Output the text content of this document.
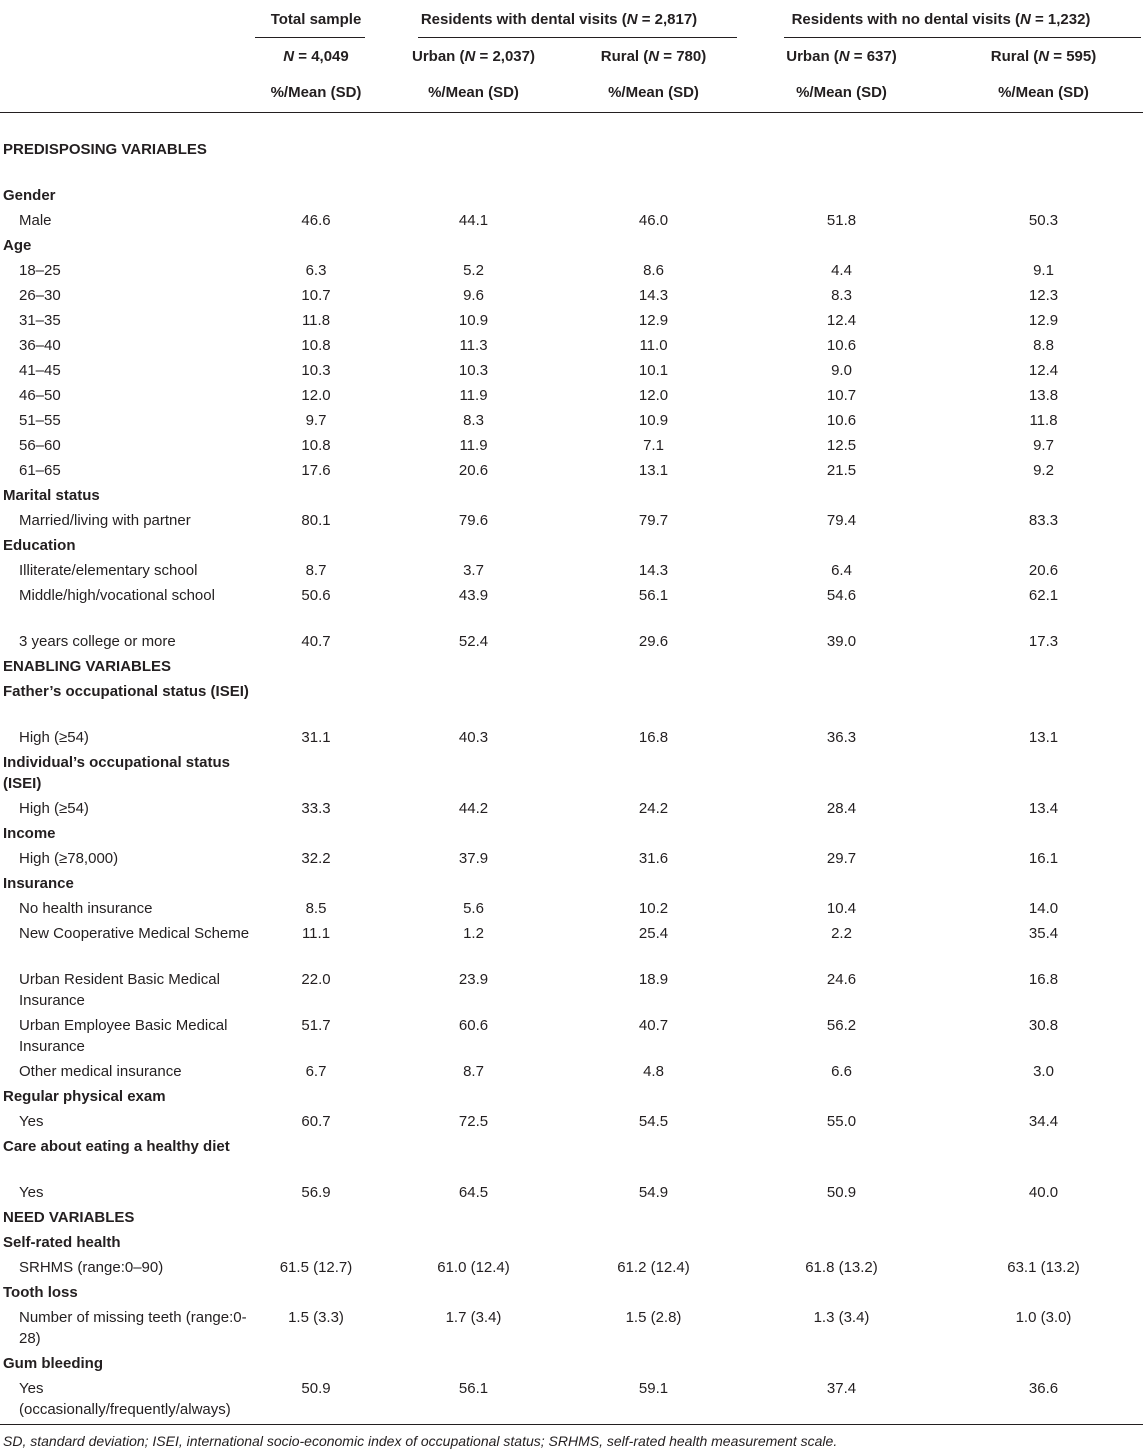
	Total sample	Residents with dental visits (N = 2,817)		Residents with no dental visits (N = 1,232)	

	N = 4,049	Urban (N = 2,037)	Rural (N = 780)	Urban (N = 637)	Rural (N = 595)
	%/Mean (SD)	%/Mean (SD)	%/Mean (SD)	%/Mean (SD)	%/Mean (SD)

PREDISPOSING VARIABLES					
Gender					
Male	46.6	44.1	46.0	51.8	50.3
Age					
18–25	6.3	5.2	8.6	4.4	9.1
26–30	10.7	9.6	14.3	8.3	12.3
31–35	11.8	10.9	12.9	12.4	12.9
36–40	10.8	11.3	11.0	10.6	8.8
41–45	10.3	10.3	10.1	9.0	12.4
46–50	12.0	11.9	12.0	10.7	13.8
51–55	9.7	8.3	10.9	10.6	11.8
56–60	10.8	11.9	7.1	12.5	9.7
61–65	17.6	20.6	13.1	21.5	9.2
Marital status					
Married/living with partner	80.1	79.6	79.7	79.4	83.3
Education					
Illiterate/elementary school	8.7	3.7	14.3	6.4	20.6
Middle/high/vocational school	50.6	43.9	56.1	54.6	62.1
3 years college or more	40.7	52.4	29.6	39.0	17.3
ENABLING VARIABLES					
Father’s occupational status (ISEI)					
High (≥54)	31.1	40.3	16.8	36.3	13.1
Individual’s occupational status (ISEI)					
High (≥54)	33.3	44.2	24.2	28.4	13.4
Income					
High (≥78,000)	32.2	37.9	31.6	29.7	16.1
Insurance					
No health insurance	8.5	5.6	10.2	10.4	14.0
New Cooperative Medical Scheme	11.1	1.2	25.4	2.2	35.4
Urban Resident Basic Medical Insurance	22.0	23.9	18.9	24.6	16.8
Urban Employee Basic Medical Insurance	51.7	60.6	40.7	56.2	30.8
Other medical insurance	6.7	8.7	4.8	6.6	3.0
Regular physical exam					
Yes	60.7	72.5	54.5	55.0	34.4
Care about eating a healthy diet					
Yes	56.9	64.5	54.9	50.9	40.0
NEED VARIABLES					
Self-rated health					
SRHMS (range:0–90)	61.5 (12.7)	61.0 (12.4)	61.2 (12.4)	61.8 (13.2)	63.1 (13.2)
Tooth loss					
Number of missing teeth (range:0-28)	1.5 (3.3)	1.7 (3.4)	1.5 (2.8)	1.3 (3.4)	1.0 (3.0)
Gum bleeding					
Yes (occasionally/frequently/always)	50.9	56.1	59.1	37.4	36.6
SD, standard deviation; ISEI, international socio-economic index of occupational status; SRHMS, self-rated health measurement scale.
